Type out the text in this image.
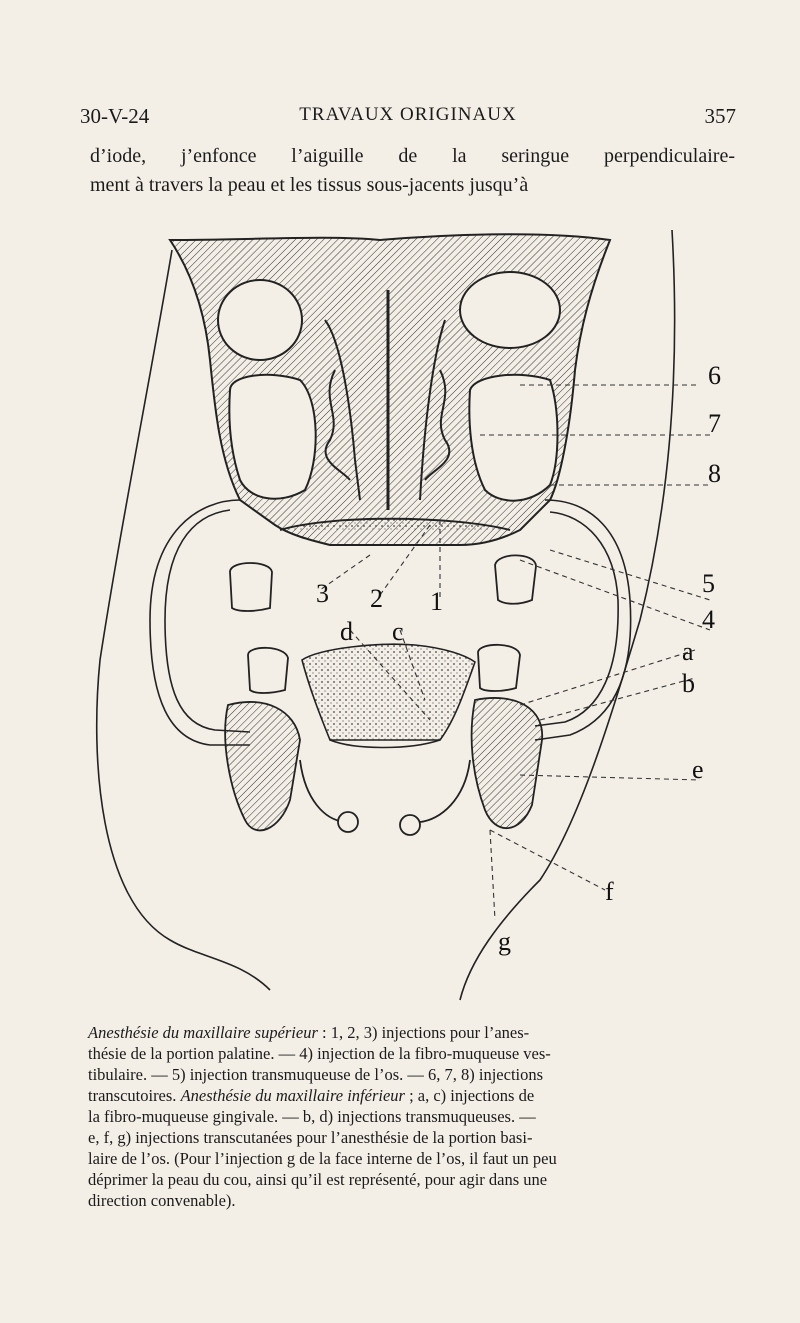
30-V-24	TRAVAUX ORIGINAUX	357

d’iode, j’enfonce l’aiguille de la seringue perpendiculaire-

ment à travers la peau et les tissus sous-jacents jusqu’à

6
7
8
5
4
3 2 1
d c
a
b
e
f
g

Anesthésie du maxillaire supérieur : 1, 2, 3) injections pour l’anes-

thésie de la portion palatine. — 4) injection de la fibro-muqueuse ves-

tibulaire. — 5) injection transmuqueuse de l’os. — 6, 7, 8) injections

transcutoires. Anesthésie du maxillaire inférieur ; a, c) injections de

la fibro-muqueuse gingivale. — b, d) injections transmuqueuses. —

e, f, g) injections transcutanées pour l’anesthésie de la portion basi-

laire de l’os. (Pour l’injection g de la face interne de l’os, il faut un peu

déprimer la peau du cou, ainsi qu’il est représenté, pour agir dans une

direction convenable).
